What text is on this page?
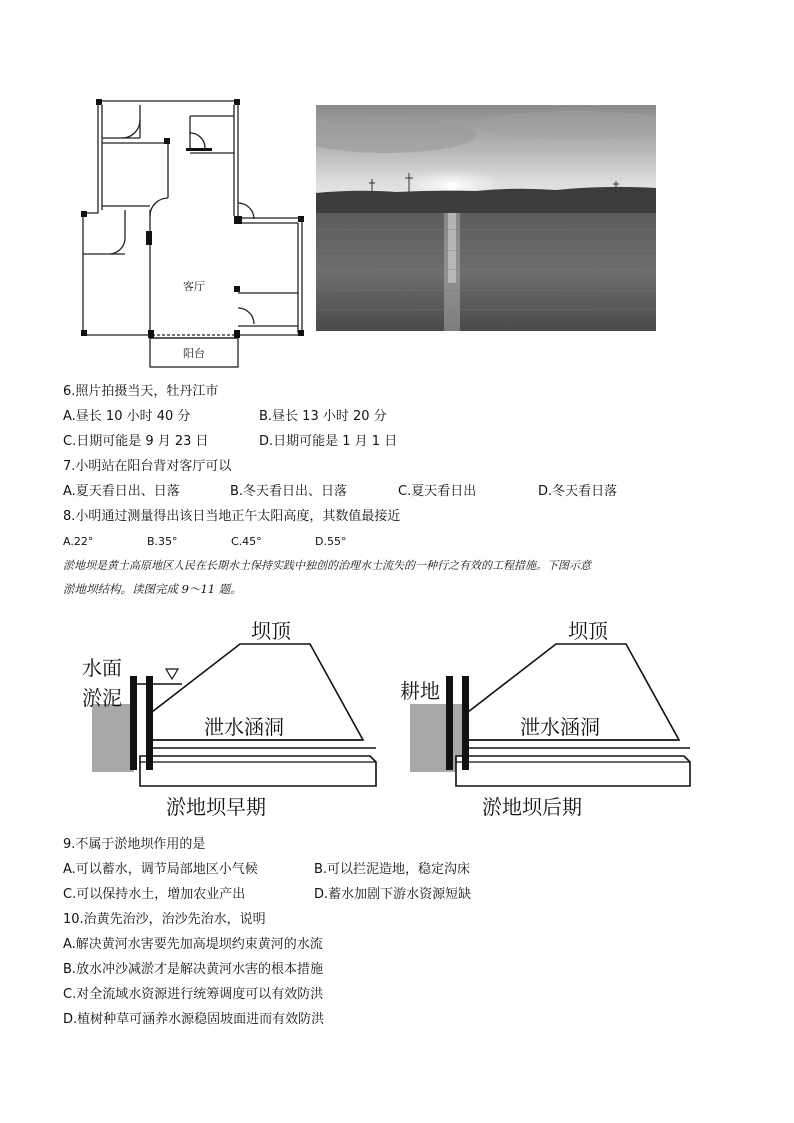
客厅
阳台
6.照片拍摄当天，牡丹江市
A.昼长 10 小时 40 分	B.昼长 13 小时 20 分
C.日期可能是 9 月 23 日	D.日期可能是 1 月 1 日
7.小明站在阳台背对客厅可以
A.夏天看日出、日落	B.冬天看日出、日落	C.夏天看日出	D.冬天看日落
8.小明通过测量得出该日当地正午太阳高度，其数值最接近
A.22°	B.35°	C.45°	D.55°
淤地坝是黄土高原地区人民在长期水土保持实践中独创的治理水土流失的一种行之有效的工程措施。下图示意
淤地坝结构。读图完成 9～11 题。
坝顶
水面
淤泥
泄水涵洞
淤地坝早期
坝顶
耕地
泄水涵洞
淤地坝后期
9.不属于淤地坝作用的是
A.可以蓄水，调节局部地区小气候	B.可以拦泥造地，稳定沟床
C.可以保持水土，增加农业产出	D.蓄水加剧下游水资源短缺
10.治黄先治沙，治沙先治水，说明
A.解决黄河水害要先加高堤坝约束黄河的水流
B.放水冲沙减淤才是解决黄河水害的根本措施
C.对全流域水资源进行统筹调度可以有效防洪
D.植树种草可涵养水源稳固坡面进而有效防洪
